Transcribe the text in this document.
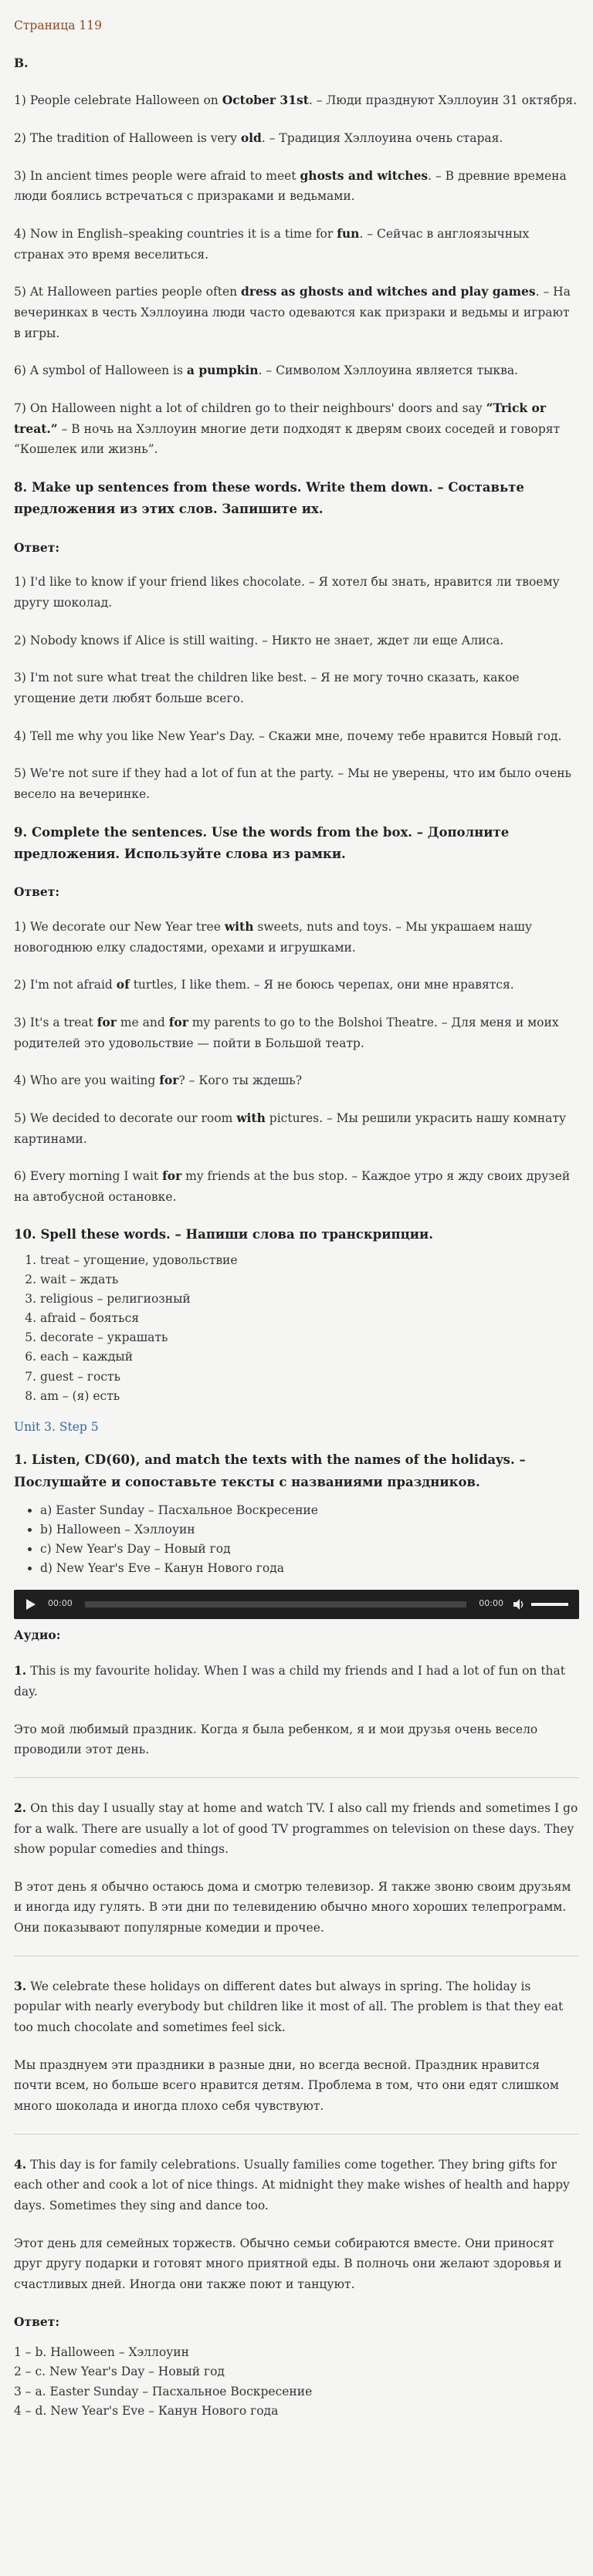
Страница 119

B.

1) People celebrate Halloween on October 31st. – Люди празднуют Хэллоуин 31 октября.

2) The tradition of Halloween is very old. – Традиция Хэллоуина очень старая.

3) In ancient times people were afraid to meet ghosts and witches. – В древние времена люди боялись встречаться с призраками и ведьмами.

4) Now in English–speaking countries it is a time for fun. – Сейчас в англоязычных странах это время веселиться.

5) At Halloween parties people often dress as ghosts and witches and play games. – На вечеринках в честь Хэллоуина люди часто одеваются как призраки и ведьмы и играют в игры.

6) A symbol of Halloween is a pumpkin. – Символом Хэллоуина является тыква.

7) On Halloween night a lot of children go to their neighbours' doors and say “Trick or treat.” – В ночь на Хэллоуин многие дети подходят к дверям своих соседей и говорят “Кошелек или жизнь”.

8. Make up sentences from these words. Write them down. – Составьте предложения из этих слов. Запишите их.

Ответ:

1) I'd like to know if your friend likes chocolate. – Я хотел бы знать, нравится ли твоему другу шоколад.

2) Nobody knows if Alice is still waiting. – Никто не знает, ждет ли еще Алиса.

3) I'm not sure what treat the children like best. – Я не могу точно сказать, какое угощение дети любят больше всего.

4) Tell me why you like New Year's Day. – Скажи мне, почему тебе нравится Новый год.

5) We're not sure if they had a lot of fun at the party. – Мы не уверены, что им было очень весело на вечеринке.

9. Complete the sentences. Use the words from the box. – Дополните предложения. Используйте слова из рамки.

Ответ:

1) We decorate our New Year tree with sweets, nuts and toys. – Мы украшаем нашу новогоднюю елку сладостями, орехами и игрушками.

2) I'm not afraid of turtles, I like them. – Я не боюсь черепах, они мне нравятся.

3) It's a treat for me and for my parents to go to the Bolshoi Theatre. – Для меня и моих родителей это удовольствие — пойти в Большой театр.

4) Who are you waiting for? – Кого ты ждешь?

5) We decided to decorate our room with pictures. – Мы решили украсить нашу комнату картинами.

6) Every morning I wait for my friends at the bus stop. – Каждое утро я жду своих друзей на автобусной остановке.

10. Spell these words. – Напиши слова по транскрипции.

1. treat – угощение, удовольствие
2. wait – ждать
3. religious – религиозный
4. afraid – бояться
5. decorate – украшать
6. each – каждый
7. guest – гость
8. am – (я) есть

Unit 3. Step 5

1. Listen, CD(60), and match the texts with the names of the holidays. – Послушайте и сопоставьте тексты с названиями праздников.

• a) Easter Sunday – Пасхальное Воскресение
• b) Halloween – Хэллоуин
• c) New Year's Day – Новый год
• d) New Year's Eve – Канун Нового года
00:00	00:00

Аудио:

1. This is my favourite holiday. When I was a child my friends and I had a lot of fun on that day.

Это мой любимый праздник. Когда я была ребенком, я и мои друзья очень весело проводили этот день.

2. On this day I usually stay at home and watch TV. I also call my friends and sometimes I go for a walk. There are usually a lot of good TV programmes on television on these days. They show popular comedies and things.

В этот день я обычно остаюсь дома и смотрю телевизор. Я также звоню своим друзьям и иногда иду гулять. В эти дни по телевидению обычно много хороших телепрограмм. Они показывают популярные комедии и прочее.

3. We celebrate these holidays on different dates but always in spring. The holiday is popular with nearly everybody but children like it most of all. The problem is that they eat too much chocolate and sometimes feel sick.

Мы празднуем эти праздники в разные дни, но всегда весной. Праздник нравится почти всем, но больше всего нравится детям. Проблема в том, что они едят слишком много шоколада и иногда плохо себя чувствуют.

4. This day is for family celebrations. Usually families come together. They bring gifts for each other and cook a lot of nice things. At midnight they make wishes of health and happy days. Sometimes they sing and dance too.

Этот день для семейных торжеств. Обычно семьи собираются вместе. Они приносят друг другу подарки и готовят много приятной еды. В полночь они желают здоровья и счастливых дней. Иногда они также поют и танцуют.

Ответ:

1 – b. Halloween – Хэллоуин
2 – c. New Year's Day – Новый год
3 – a. Easter Sunday – Пасхальное Воскресение
4 – d. New Year's Eve – Канун Нового года
